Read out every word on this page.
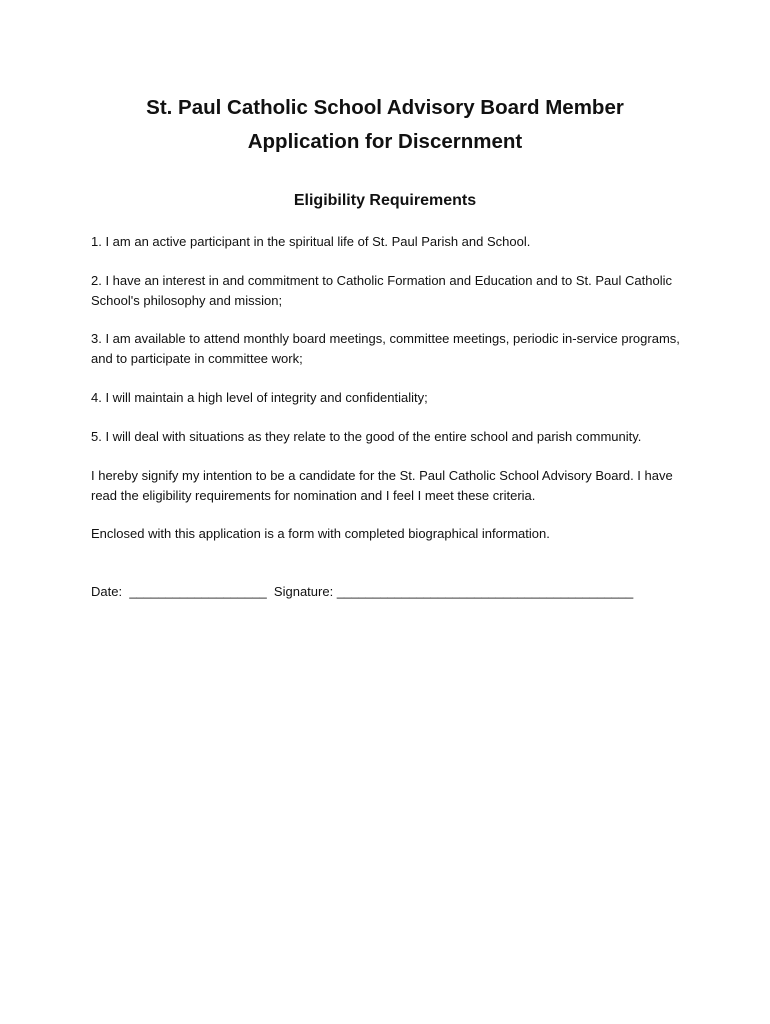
St. Paul Catholic School Advisory Board Member
Application for Discernment
Eligibility Requirements

1. I am an active participant in the spiritual life of St. Paul Parish and School.

2. I have an interest in and commitment to Catholic Formation and Education and to St. Paul Catholic School's philosophy and mission;

3. I am available to attend monthly board meetings, committee meetings, periodic in-service programs, and to participate in committee work;

4. I will maintain a high level of integrity and confidentiality;

5. I will deal with situations as they relate to the good of the entire school and parish community.

I hereby signify my intention to be a candidate for the St. Paul Catholic School Advisory Board. I have read the eligibility requirements for nomination and I feel I meet these criteria.

Enclosed with this application is a form with completed biographical information.

Date: ___________________ Signature: _________________________________________
